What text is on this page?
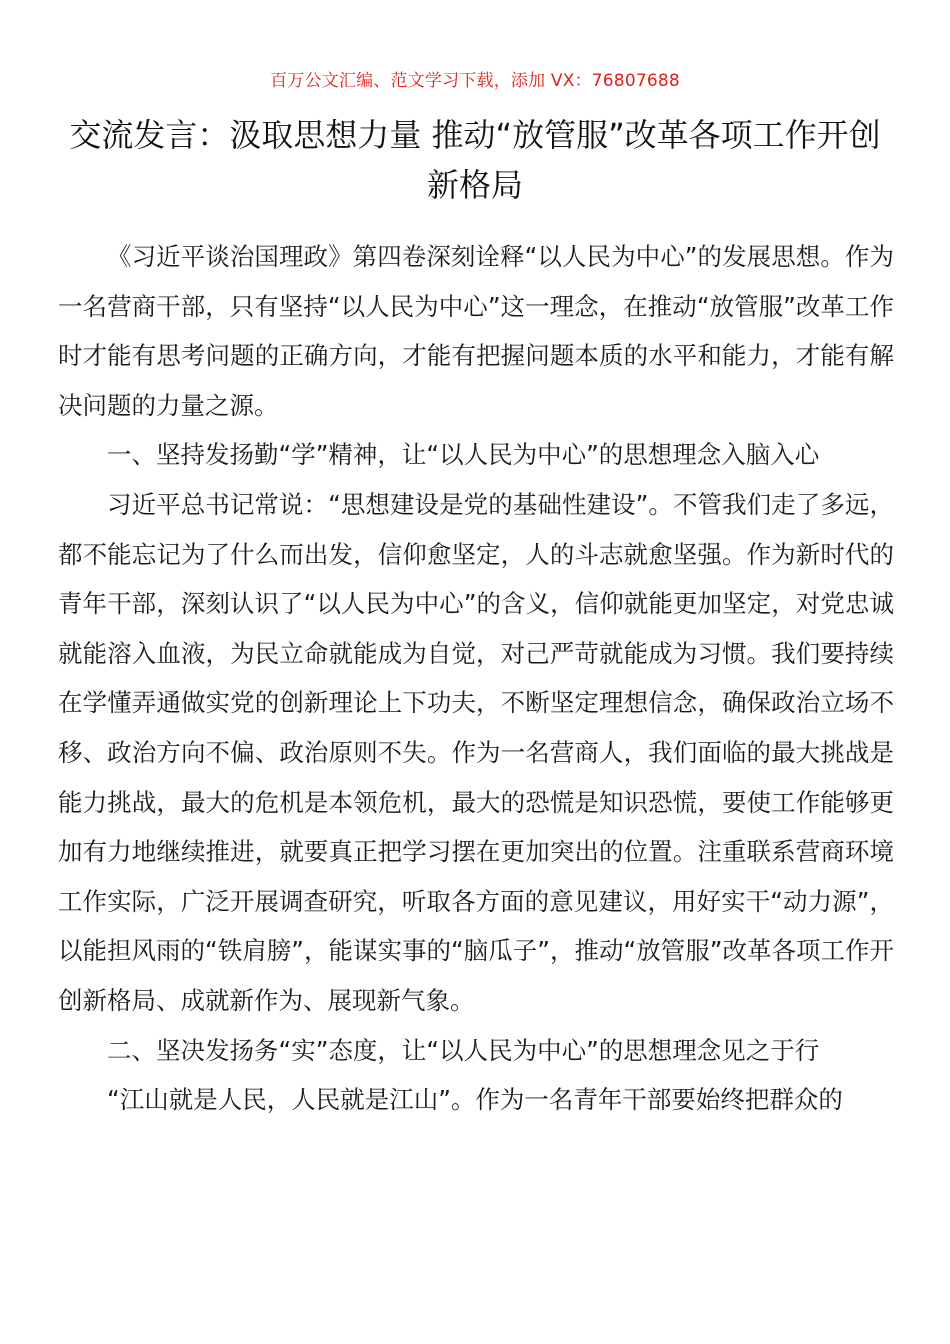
百万公文汇编、范文学习下载，添加 VX：76807688
交流发言：汲取思想力量 推动“放管服”改革各项工作开创新格局

《习近平谈治国理政》第四卷深刻诠释“以人民为中心”的发展思想。作为一名营商干部，只有坚持“以人民为中心”这一理念，在推动“放管服”改革工作时才能有思考问题的正确方向，才能有把握问题本质的水平和能力，才能有解决问题的力量之源。

一、坚持发扬勤“学”精神，让“以人民为中心”的思想理念入脑入心

习近平总书记常说：“思想建设是党的基础性建设”。不管我们走了多远，都不能忘记为了什么而出发，信仰愈坚定，人的斗志就愈坚强。作为新时代的青年干部，深刻认识了“以人民为中心”的含义，信仰就能更加坚定，对党忠诚就能溶入血液，为民立命就能成为自觉，对己严苛就能成为习惯。我们要持续在学懂弄通做实党的创新理论上下功夫，不断坚定理想信念，确保政治立场不移、政治方向不偏、政治原则不失。作为一名营商人，我们面临的最大挑战是能力挑战，最大的危机是本领危机，最大的恐慌是知识恐慌，要使工作能够更加有力地继续推进，就要真正把学习摆在更加突出的位置。注重联系营商环境工作实际，广泛开展调查研究，听取各方面的意见建议，用好实干“动力源”，以能担风雨的“铁肩膀”，能谋实事的“脑瓜子”，推动“放管服”改革各项工作开创新格局、成就新作为、展现新气象。

二、坚决发扬务“实”态度，让“以人民为中心”的思想理念见之于行

“江山就是人民，人民就是江山”。作为一名青年干部要始终把群众的
